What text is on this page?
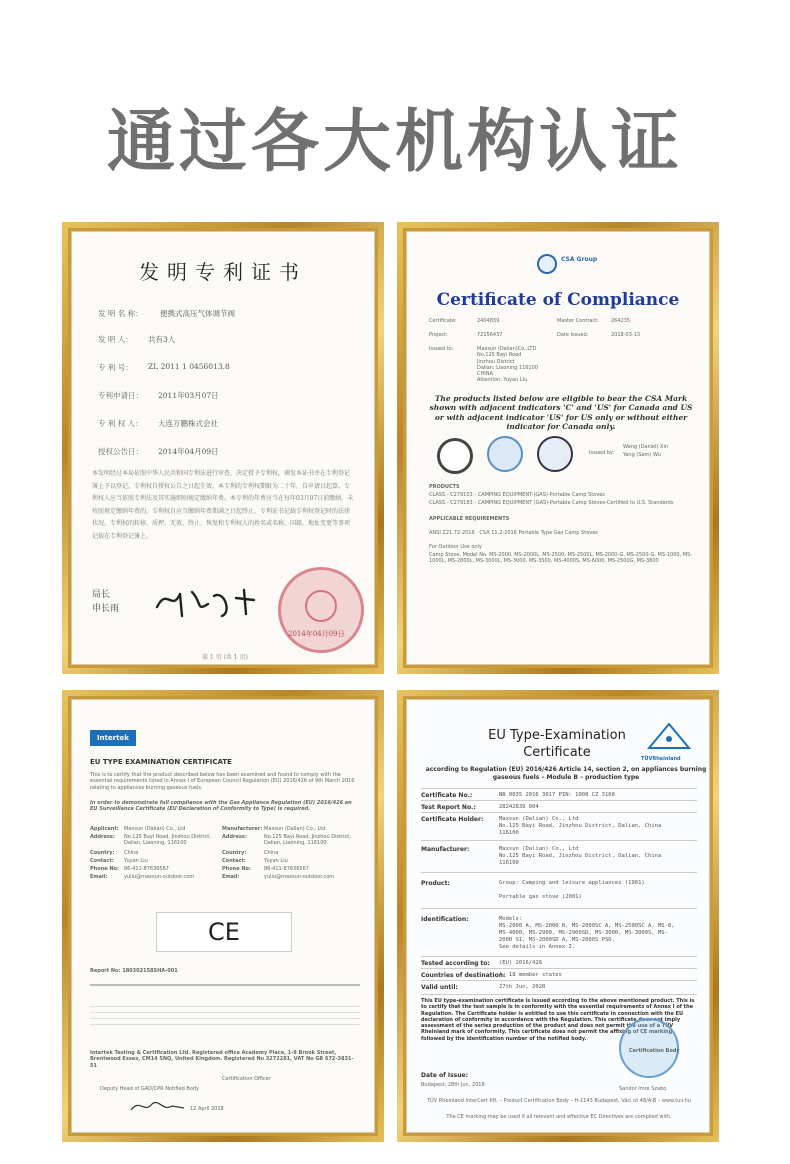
通过各大机构认证
发明专利证书
发 明 名 称： 便携式高压气体调节阀
发 明 人： 共有3人
专 利 号： ZL 2011 1 0456013.8
专利申请日： 2011年03月07日
专 利 权 人： 大连万鹏株式会社
授权公告日： 2014年04月09日
本发明经过本局依照中华人民共和国专利法进行审查，决定授予专利权，颁发本证书并在专利登记簿上予以登记。专利权自授权公告之日起生效。本专利的专利权期限为二十年，自申请日起算。专利权人应当依照专利法及其实施细则规定缴纳年费。本专利的年费应当在每年03月07日前缴纳。未按照规定缴纳年费的，专利权自应当缴纳年费期满之日起终止。专利证书记载专利权登记时的法律状况。专利权的转移、质押、无效、终止、恢复和专利权人的姓名或名称、国籍、地址变更等事项记载在专利登记簿上。
局长
申长雨
2014年04月09日
第 1 页 (共 1 页)
CSA Group
Certificate of Compliance
Certificate:	2404839	Master Contract: 264235
Project:	72156437	Date Issued:	2018-03-13
Issued to:	Maxsun (Dalian)Co.,LTD
No.125 Bayi Road
Jinzhou District
Dalian, Liaoning 116100
CHINA
Attention: Yuyan Liu
The products listed below are eligible to bear the CSA Mark shown with adjacent indicators 'C' and 'US' for Canada and US or with adjacent indicator 'US' for US only or without either indicator for Canada only.
Issued by:
Wang (Daniel) Xin
Yang (Sam) Wu
PRODUCTS
CLASS - C279103 - CAMPING EQUIPMENT-(GAS)-Portable Camp Stoves
CLASS - C279183 - CAMPING EQUIPMENT (GAS)-Portable Camp Stoves-Certified to U.S. Standards
APPLICABLE REQUIREMENTS
ANSI Z21.72-2016 · CSA 11.2-2016 Portable Type Gas Camp Stoves
For Outdoor Use only
Camp Stove, Model No. MS-2000, MS-2000L, MS-2500, MS-2500L, MS-2000-G, MS-2500-G, MS-1000, MS-1000L, MS-2800L, MS-3000L, MS-3000, MS-3500, MS-4000S, MS-6000, MS-2500G, MS-3800
Intertek
EU TYPE EXAMINATION CERTIFICATE
This is to certify that the product described below has been examined and found to comply with the essential requirements listed in Annex I of European Council Regulation (EU) 2016/426 of 9th March 2016 relating to appliances burning gaseous fuels.
In order to demonstrate full compliance with the Gas Appliance Regulation (EU) 2016/426 an EU Surveillance Certificate (EU Declaration of Conformity to Type) is required.
Applicant: Maxsun (Dalian) Co., Ltd
Address: No.125 Bayi Road, Jinzhou District, Dalian, Liaoning, 116100
Country: China
Contact: Yuyan Liu
Phone No: 86-411-87636567
Email:	yuliu@maxsun-outdoor.com
Manufacturer: Maxsun (Dalian) Co., Ltd
Address:	No.125 Bayi Road, Jinzhou District, Dalian, Liaoning, 116100
Country:	China
Contact:	Yuyan Liu
Phone No:	86-411-87636567
Email:	yuliu@maxsun-outdoor.com
CE
Report No: 180302158SHA-001
Intertek Testing & Certification Ltd. Registered office Academy Place, 1-9 Brook Street, Brentwood Essex, CM14 5NQ, United Kingdom. Registered No 3272281, VAT No GB 672-3831-51
Certification Officer
Deputy Head of GAD/CPR Notified Body
12 April 2018
EU Type-Examination
Certificate	TÜVRheinland
according to Regulation (EU) 2016/426 Article 14, section 2, on appliances burning gaseous fuels – Module B – production type
Certificate No.:	NB 0035 2016 3017 PIN: 1008 CZ 3168
Test Report No.:	28242839 004
Certificate Holder:	Maxsun (Dalian) Co., Ltd
No.125 Bayi Road, Jinzhou District, Dalian, China
116100
Manufacturer:	Maxsun (Dalian) Co., Ltd
No.125 Bayi Road, Jinzhou District, Dalian, China
116100
Product:	Group: Camping and leisure appliances (1901)

Portable gas stove (2001)
Identification:	Models:
MS-2000 A, MS-2000 B, MS-2000SC A, MS-2500SC A, MS-8,
MS-4000, MS-2900, MS-2900SD, MS-3000, MS-3000S, MS-
2000 S1, MS-2000SD A, MS-2000S PSD.
See details in Annex I.
Tested according to: (EU) 2016/426
Countries of destination:
A, 18 member states
Valid until:	27th Jun, 2028
This EU type-examination certificate is issued according to the above mentioned product. This is to certify that the test sample is in conformity with the essential requirements of Annex I of the Regulation. The Certificate holder is entitled to use this certificate in connection with the EU declaration of conformity in accordance with the Regulation. This certificate does not imply assessment of the series production of the product and does not permit the use of a TÜV Rheinland mark of conformity. This certificate does not permit the affixing of CE marking followed by the identification number of the notified body.
Certification Body
Date of Issue:
Budapest, 28th Jun, 2018
Sandor Imre Szabo
TÜV Rheinland InterCert Kft. – Product Certification Body – H-1143 Budapest, Váci út 48/A-B – www.tuv.hu
The CE marking may be used if all relevant and effective EC Directives are complied with.
